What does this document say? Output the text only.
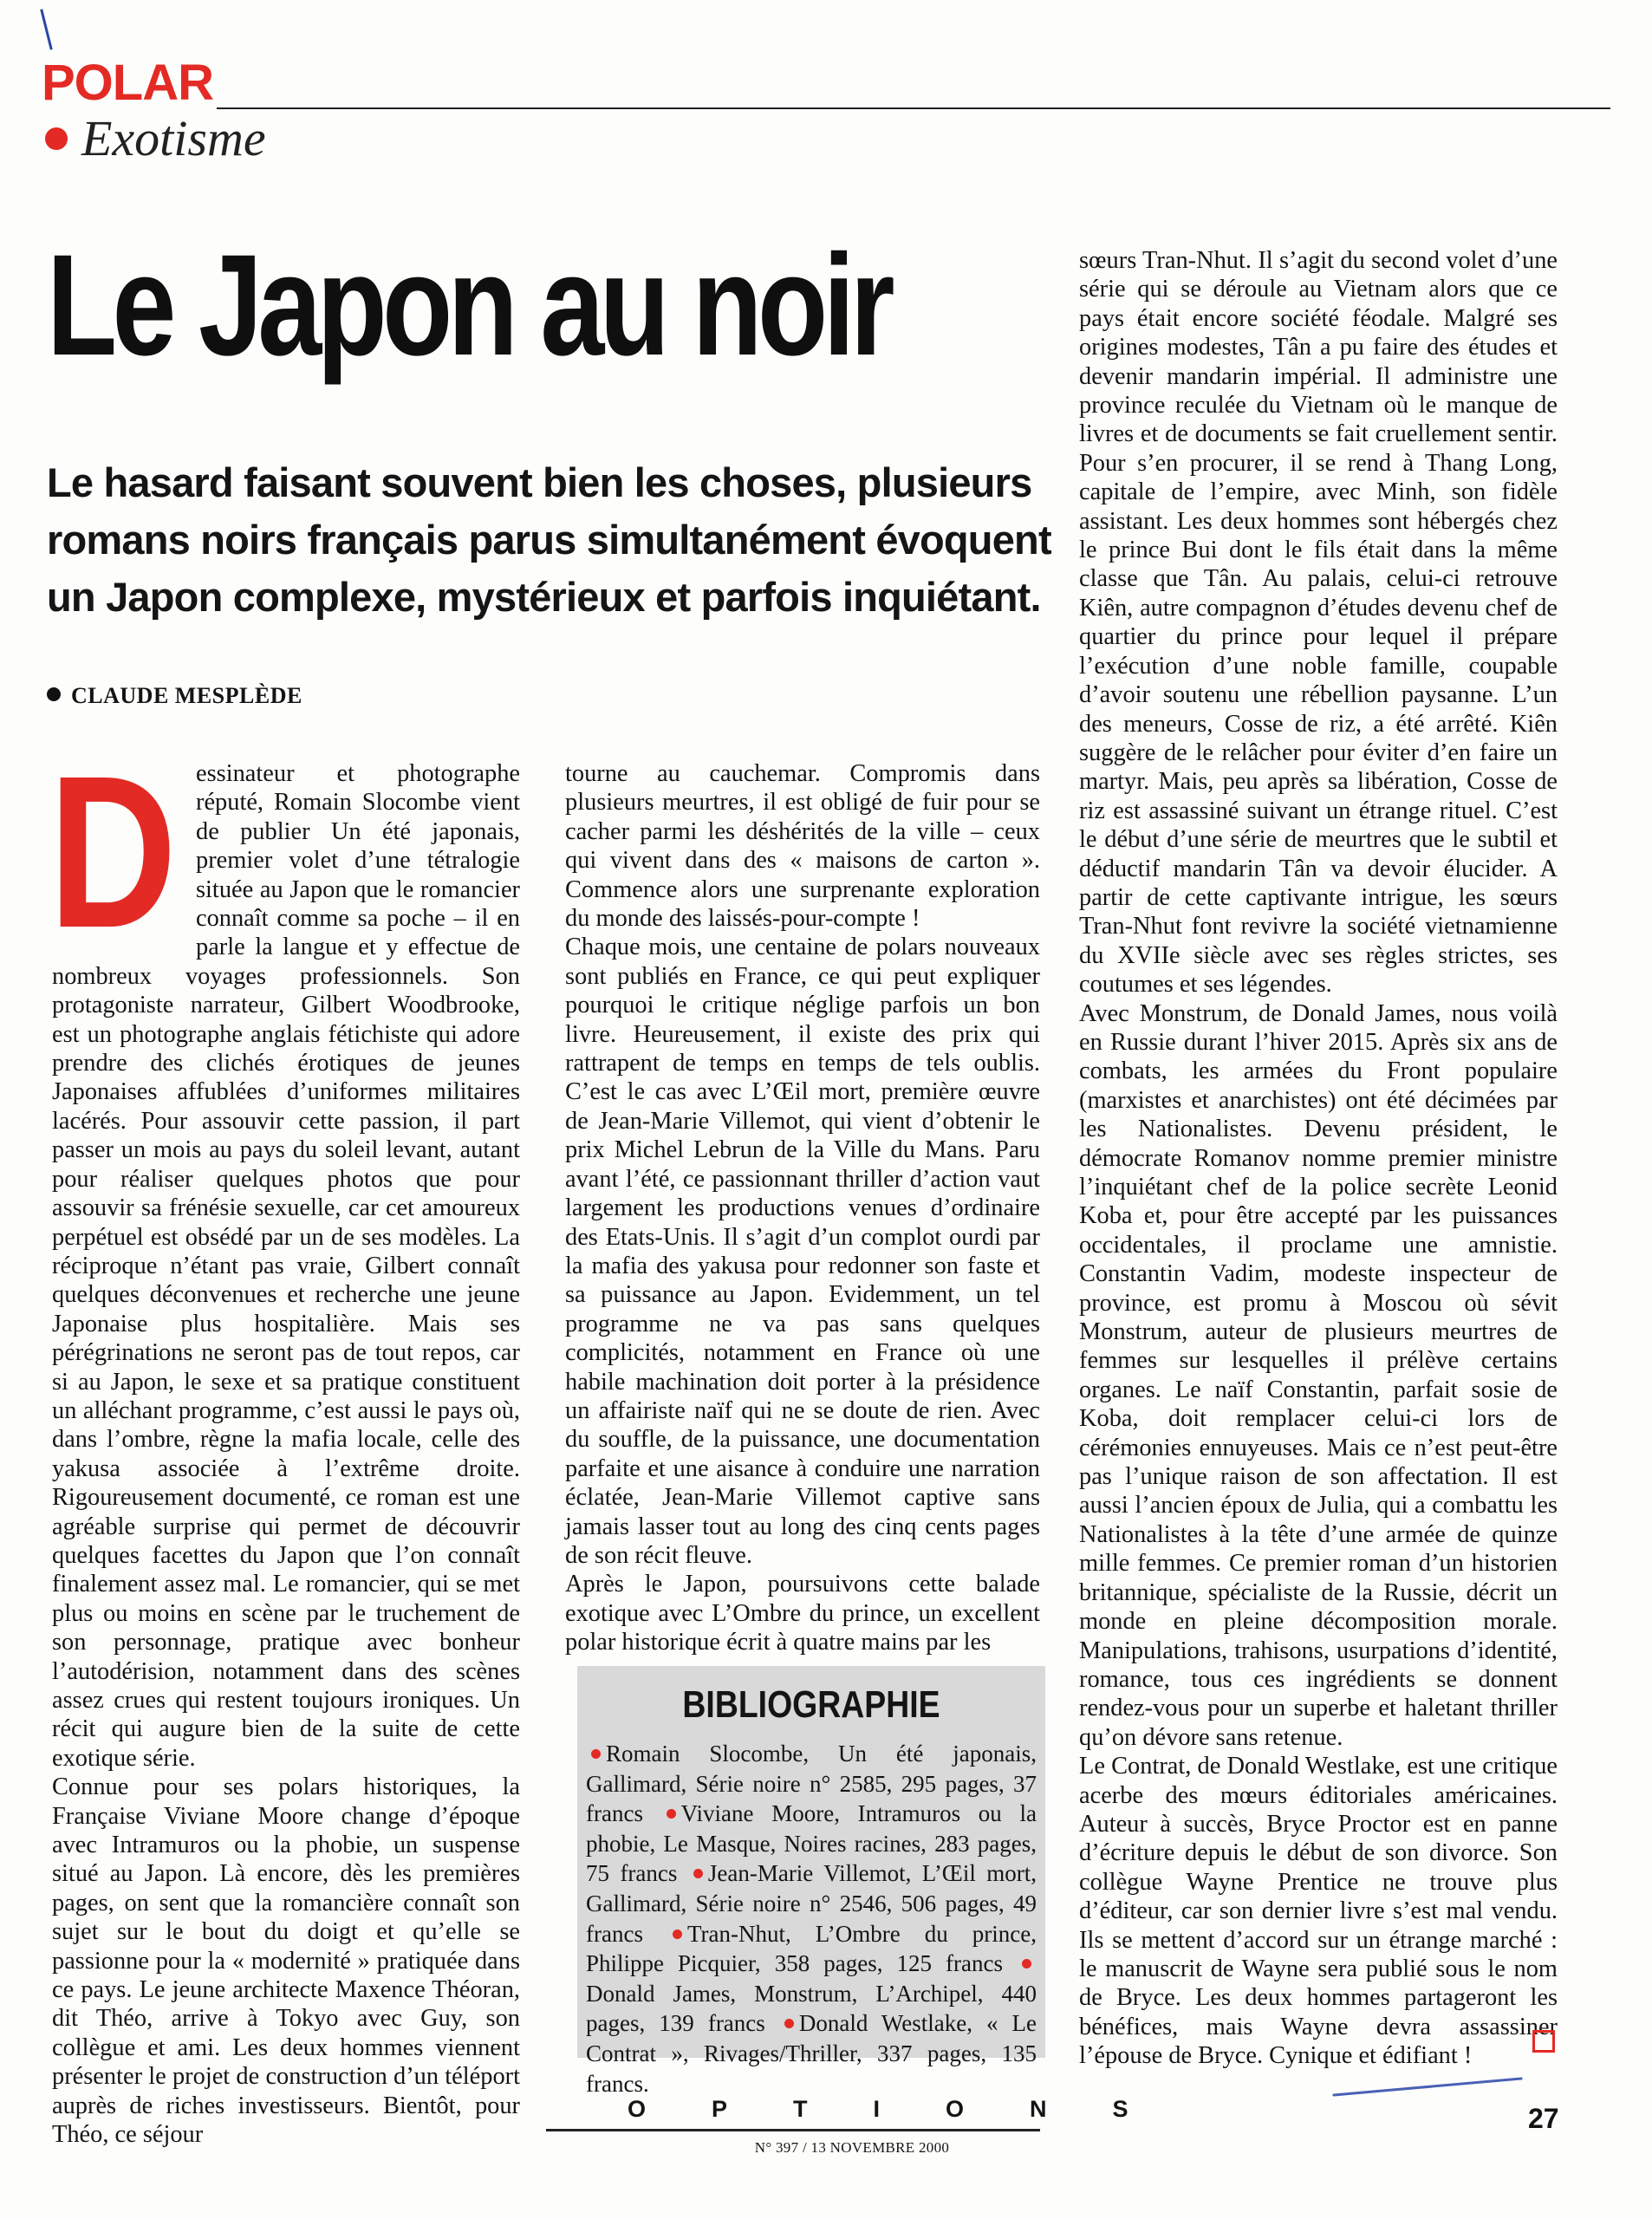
POLAR
Exotisme
Le Japon au noir
Le hasard faisant souvent bien les choses, plusieurs romans noirs français parus simultanément évoquent un Japon complexe, mystérieux et parfois inquiétant.
CLAUDE MESPLÈDE
D essinateur et photographe réputé, Romain Slocombe vient de publier Un été japonais, premier volet d’une tétralogie située au Japon que le romancier connaît comme sa poche – il en parle la langue et y effectue de nombreux voyages professionnels. Son protagoniste narrateur, Gilbert Woodbrooke, est un photographe anglais fétichiste qui adore prendre des clichés érotiques de jeunes Japonaises affublées d’uniformes militaires lacérés. Pour assouvir cette passion, il part passer un mois au pays du soleil levant, autant pour réaliser quelques photos que pour assouvir sa frénésie sexuelle, car cet amoureux perpétuel est obsédé par un de ses modèles. La réciproque n’étant pas vraie, Gilbert connaît quelques déconvenues et recherche une jeune Japonaise plus hospitalière. Mais ses pérégrinations ne seront pas de tout repos, car si au Japon, le sexe et sa pratique constituent un alléchant programme, c’est aussi le pays où, dans l’ombre, règne la mafia locale, celle des yakusa associée à l’extrême droite. Rigoureusement documenté, ce roman est une agréable surprise qui permet de découvrir quelques facettes du Japon que l’on connaît finalement assez mal. Le romancier, qui se met plus ou moins en scène par le truchement de son personnage, pratique avec bonheur l’autodérision, notamment dans des scènes assez crues qui restent toujours ironiques. Un récit qui augure bien de la suite de cette exotique série.

Connue pour ses polars historiques, la Française Viviane Moore change d’époque avec Intramuros ou la phobie, un suspense situé au Japon. Là encore, dès les premières pages, on sent que la romancière connaît son sujet sur le bout du doigt et qu’elle se passionne pour la « modernité » pratiquée dans ce pays. Le jeune architecte Maxence Théoran, dit Théo, arrive à Tokyo avec Guy, son collègue et ami. Les deux hommes viennent présenter le projet de construction d’un téléport auprès de riches investisseurs. Bientôt, pour Théo, ce séjour

tourne au cauchemar. Compromis dans plusieurs meurtres, il est obligé de fuir pour se cacher parmi les déshérités de la ville – ceux qui vivent dans des « maisons de carton ». Commence alors une surprenante exploration du monde des laissés-pour-compte !

Chaque mois, une centaine de polars nouveaux sont publiés en France, ce qui peut expliquer pourquoi le critique néglige parfois un bon livre. Heureusement, il existe des prix qui rattrapent de temps en temps de tels oublis. C’est le cas avec L’Œil mort, première œuvre de Jean-Marie Villemot, qui vient d’obtenir le prix Michel Lebrun de la Ville du Mans. Paru avant l’été, ce passionnant thriller d’action vaut largement les productions venues d’ordinaire des Etats-Unis. Il s’agit d’un complot ourdi par la mafia des yakusa pour redonner son faste et sa puissance au Japon. Evidemment, un tel programme ne va pas sans quelques complicités, notamment en France où une habile machination doit porter à la présidence un affairiste naïf qui ne se doute de rien. Avec du souffle, de la puissance, une documentation parfaite et une aisance à conduire une narration éclatée, Jean-Marie Villemot captive sans jamais lasser tout au long des cinq cents pages de son récit fleuve.

Après le Japon, poursuivons cette balade exotique avec L’Ombre du prince, un excellent polar historique écrit à quatre mains par les

BIBLIOGRAPHIE
Romain Slocombe, Un été japonais, Gallimard, Série noire n° 2585, 295 pages, 37 francs Viviane Moore, Intramuros ou la phobie, Le Masque, Noires racines, 283 pages, 75 francs Jean-Marie Villemot, L’Œil mort, Gallimard, Série noire n° 2546, 506 pages, 49 francs Tran-Nhut, L’Ombre du prince, Philippe Picquier, 358 pages, 125 francs Donald James, Monstrum, L’Archipel, 440 pages, 139 francs Donald Westlake, « Le Contrat », Rivages/Thriller, 337 pages, 135 francs.

sœurs Tran-Nhut. Il s’agit du second volet d’une série qui se déroule au Vietnam alors que ce pays était encore société féodale. Malgré ses origines modestes, Tân a pu faire des études et devenir mandarin impérial. Il administre une province reculée du Vietnam où le manque de livres et de documents se fait cruellement sentir. Pour s’en procurer, il se rend à Thang Long, capitale de l’empire, avec Minh, son fidèle assistant. Les deux hommes sont hébergés chez le prince Bui dont le fils était dans la même classe que Tân. Au palais, celui-ci retrouve Kiên, autre compagnon d’études devenu chef de quartier du prince pour lequel il prépare l’exécution d’une noble famille, coupable d’avoir soutenu une rébellion paysanne. L’un des meneurs, Cosse de riz, a été arrêté. Kiên suggère de le relâcher pour éviter d’en faire un martyr. Mais, peu après sa libération, Cosse de riz est assassiné suivant un étrange rituel. C’est le début d’une série de meurtres que le subtil et déductif mandarin Tân va devoir élucider. A partir de cette captivante intrigue, les sœurs Tran-Nhut font revivre la société vietnamienne du XVIIe siècle avec ses règles strictes, ses coutumes et ses légendes.

Avec Monstrum, de Donald James, nous voilà en Russie durant l’hiver 2015. Après six ans de combats, les armées du Front populaire (marxistes et anarchistes) ont été décimées par les Nationalistes. Devenu président, le démocrate Romanov nomme premier ministre l’inquiétant chef de la police secrète Leonid Koba et, pour être accepté par les puissances occidentales, il proclame une amnistie. Constantin Vadim, modeste inspecteur de province, est promu à Moscou où sévit Monstrum, auteur de plusieurs meurtres de femmes sur lesquelles il prélève certains organes. Le naïf Constantin, parfait sosie de Koba, doit remplacer celui-ci lors de cérémonies ennuyeuses. Mais ce n’est peut-être pas l’unique raison de son affectation. Il est aussi l’ancien époux de Julia, qui a combattu les Nationalistes à la tête d’une armée de quinze mille femmes. Ce premier roman d’un historien britannique, spécialiste de la Russie, décrit un monde en pleine décomposition morale. Manipulations, trahisons, usurpations d’identité, romance, tous ces ingrédients se donnent rendez-vous pour un superbe et haletant thriller qu’on dévore sans retenue.

Le Contrat, de Donald Westlake, est une critique acerbe des mœurs éditoriales américaines. Auteur à succès, Bryce Proctor est en panne d’écriture depuis le début de son divorce. Son collègue Wayne Prentice ne trouve plus d’éditeur, car son dernier livre s’est mal vendu. Ils se mettent d’accord sur un étrange marché : le manuscrit de Wayne sera publié sous le nom de Bryce. Les deux hommes partageront les bénéfices, mais Wayne devra assassiner l’épouse de Bryce. Cynique et édifiant !

OPTIONS
N° 397 / 13 NOVEMBRE 2000
27
